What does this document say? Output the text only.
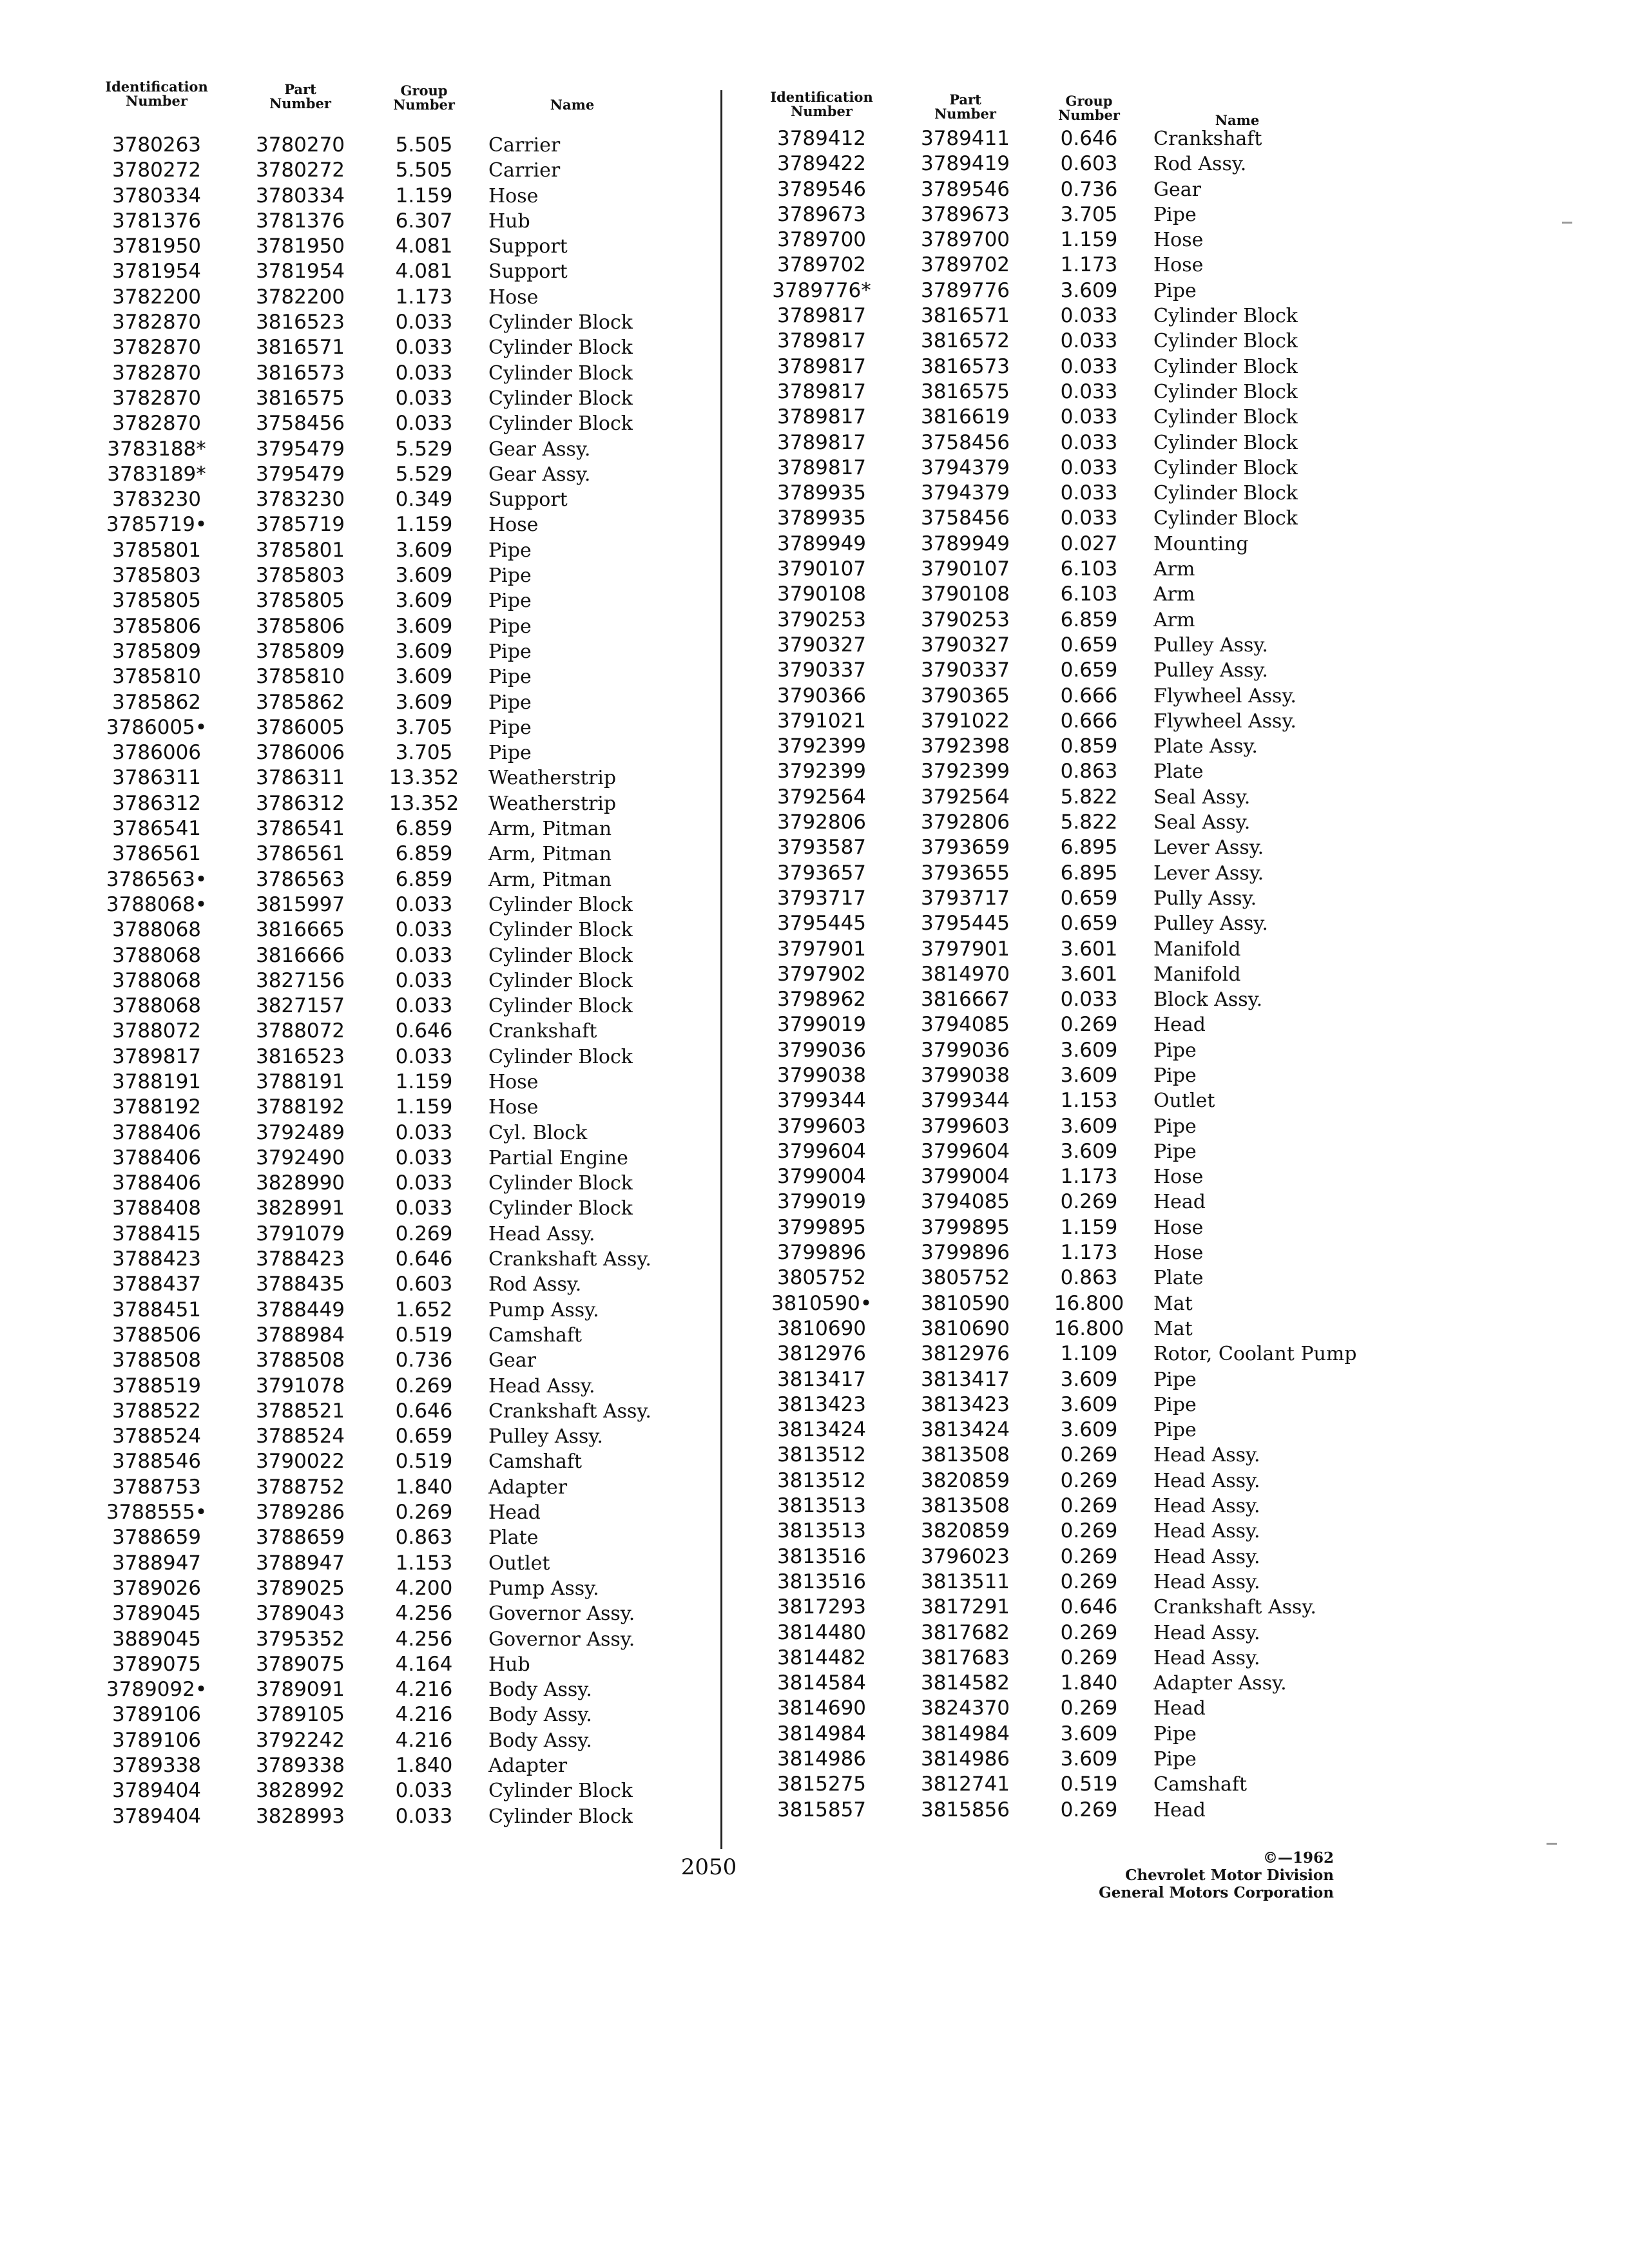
Identification
Number
Part
Number
Group
Number	Name
3780263	3780270	5.505	Carrier
3780272	3780272	5.505	Carrier
3780334	3780334	1.159	Hose
3781376	3781376	6.307	Hub
3781950	3781950	4.081	Support
3781954	3781954	4.081	Support
3782200	3782200	1.173	Hose
3782870	3816523	0.033	Cylinder Block
3782870	3816571	0.033	Cylinder Block
3782870	3816573	0.033	Cylinder Block
3782870	3816575	0.033	Cylinder Block
3782870	3758456	0.033	Cylinder Block
3783188*	3795479	5.529	Gear Assy.
3783189*	3795479	5.529	Gear Assy.
3783230	3783230	0.349	Support
3785719•	3785719	1.159	Hose
3785801	3785801	3.609	Pipe
3785803	3785803	3.609	Pipe
3785805	3785805	3.609	Pipe
3785806	3785806	3.609	Pipe
3785809	3785809	3.609	Pipe
3785810	3785810	3.609	Pipe
3785862	3785862	3.609	Pipe
3786005•	3786005	3.705	Pipe
3786006	3786006	3.705	Pipe
3786311	3786311	13.352	Weatherstrip
3786312	3786312	13.352	Weatherstrip
3786541	3786541	6.859	Arm, Pitman
3786561	3786561	6.859	Arm, Pitman
3786563•	3786563	6.859	Arm, Pitman
3788068•	3815997	0.033	Cylinder Block
3788068	3816665	0.033	Cylinder Block
3788068	3816666	0.033	Cylinder Block
3788068	3827156	0.033	Cylinder Block
3788068	3827157	0.033	Cylinder Block
3788072	3788072	0.646	Crankshaft
3789817	3816523	0.033	Cylinder Block
3788191	3788191	1.159	Hose
3788192	3788192	1.159	Hose
3788406	3792489	0.033	Cyl. Block
3788406	3792490	0.033	Partial Engine
3788406	3828990	0.033	Cylinder Block
3788408	3828991	0.033	Cylinder Block
3788415	3791079	0.269	Head Assy.
3788423	3788423	0.646	Crankshaft Assy.
3788437	3788435	0.603	Rod Assy.
3788451	3788449	1.652	Pump Assy.
3788506	3788984	0.519	Camshaft
3788508	3788508	0.736	Gear
3788519	3791078	0.269	Head Assy.
3788522	3788521	0.646	Crankshaft Assy.
3788524	3788524	0.659	Pulley Assy.
3788546	3790022	0.519	Camshaft
3788753	3788752	1.840	Adapter
3788555•	3789286	0.269	Head
3788659	3788659	0.863	Plate
3788947	3788947	1.153	Outlet
3789026	3789025	4.200	Pump Assy.
3789045	3789043	4.256	Governor Assy.
3889045	3795352	4.256	Governor Assy.
3789075	3789075	4.164	Hub
3789092•	3789091	4.216	Body Assy.
3789106	3789105	4.216	Body Assy.
3789106	3792242	4.216	Body Assy.
3789338	3789338	1.840	Adapter
3789404	3828992	0.033	Cylinder Block
3789404	3828993	0.033	Cylinder Block
Identification
Number
Part
Number
Group
Number	Name
3789412	3789411	0.646	Crankshaft
3789422	3789419	0.603	Rod Assy.
3789546	3789546	0.736	Gear
3789673	3789673	3.705	Pipe
3789700	3789700	1.159	Hose
3789702	3789702	1.173	Hose
3789776*	3789776	3.609	Pipe
3789817	3816571	0.033	Cylinder Block
3789817	3816572	0.033	Cylinder Block
3789817	3816573	0.033	Cylinder Block
3789817	3816575	0.033	Cylinder Block
3789817	3816619	0.033	Cylinder Block
3789817	3758456	0.033	Cylinder Block
3789817	3794379	0.033	Cylinder Block
3789935	3794379	0.033	Cylinder Block
3789935	3758456	0.033	Cylinder Block
3789949	3789949	0.027	Mounting
3790107	3790107	6.103	Arm
3790108	3790108	6.103	Arm
3790253	3790253	6.859	Arm
3790327	3790327	0.659	Pulley Assy.
3790337	3790337	0.659	Pulley Assy.
3790366	3790365	0.666	Flywheel Assy.
3791021	3791022	0.666	Flywheel Assy.
3792399	3792398	0.859	Plate Assy.
3792399	3792399	0.863	Plate
3792564	3792564	5.822	Seal Assy.
3792806	3792806	5.822	Seal Assy.
3793587	3793659	6.895	Lever Assy.
3793657	3793655	6.895	Lever Assy.
3793717	3793717	0.659	Pully Assy.
3795445	3795445	0.659	Pulley Assy.
3797901	3797901	3.601	Manifold
3797902	3814970	3.601	Manifold
3798962	3816667	0.033	Block Assy.
3799019	3794085	0.269	Head
3799036	3799036	3.609	Pipe
3799038	3799038	3.609	Pipe
3799344	3799344	1.153	Outlet
3799603	3799603	3.609	Pipe
3799604	3799604	3.609	Pipe
3799004	3799004	1.173	Hose
3799019	3794085	0.269	Head
3799895	3799895	1.159	Hose
3799896	3799896	1.173	Hose
3805752	3805752	0.863	Plate
3810590•	3810590	16.800	Mat
3810690	3810690	16.800	Mat
3812976	3812976	1.109	Rotor, Coolant Pump
3813417	3813417	3.609	Pipe
3813423	3813423	3.609	Pipe
3813424	3813424	3.609	Pipe
3813512	3813508	0.269	Head Assy.
3813512	3820859	0.269	Head Assy.
3813513	3813508	0.269	Head Assy.
3813513	3820859	0.269	Head Assy.
3813516	3796023	0.269	Head Assy.
3813516	3813511	0.269	Head Assy.
3817293	3817291	0.646	Crankshaft Assy.
3814480	3817682	0.269	Head Assy.
3814482	3817683	0.269	Head Assy.
3814584	3814582	1.840	Adapter Assy.
3814690	3824370	0.269	Head
3814984	3814984	3.609	Pipe
3814986	3814986	3.609	Pipe
3815275	3812741	0.519	Camshaft
3815857	3815856	0.269	Head
2050	©—1962
Chevrolet Motor Division
General Motors Corporation
